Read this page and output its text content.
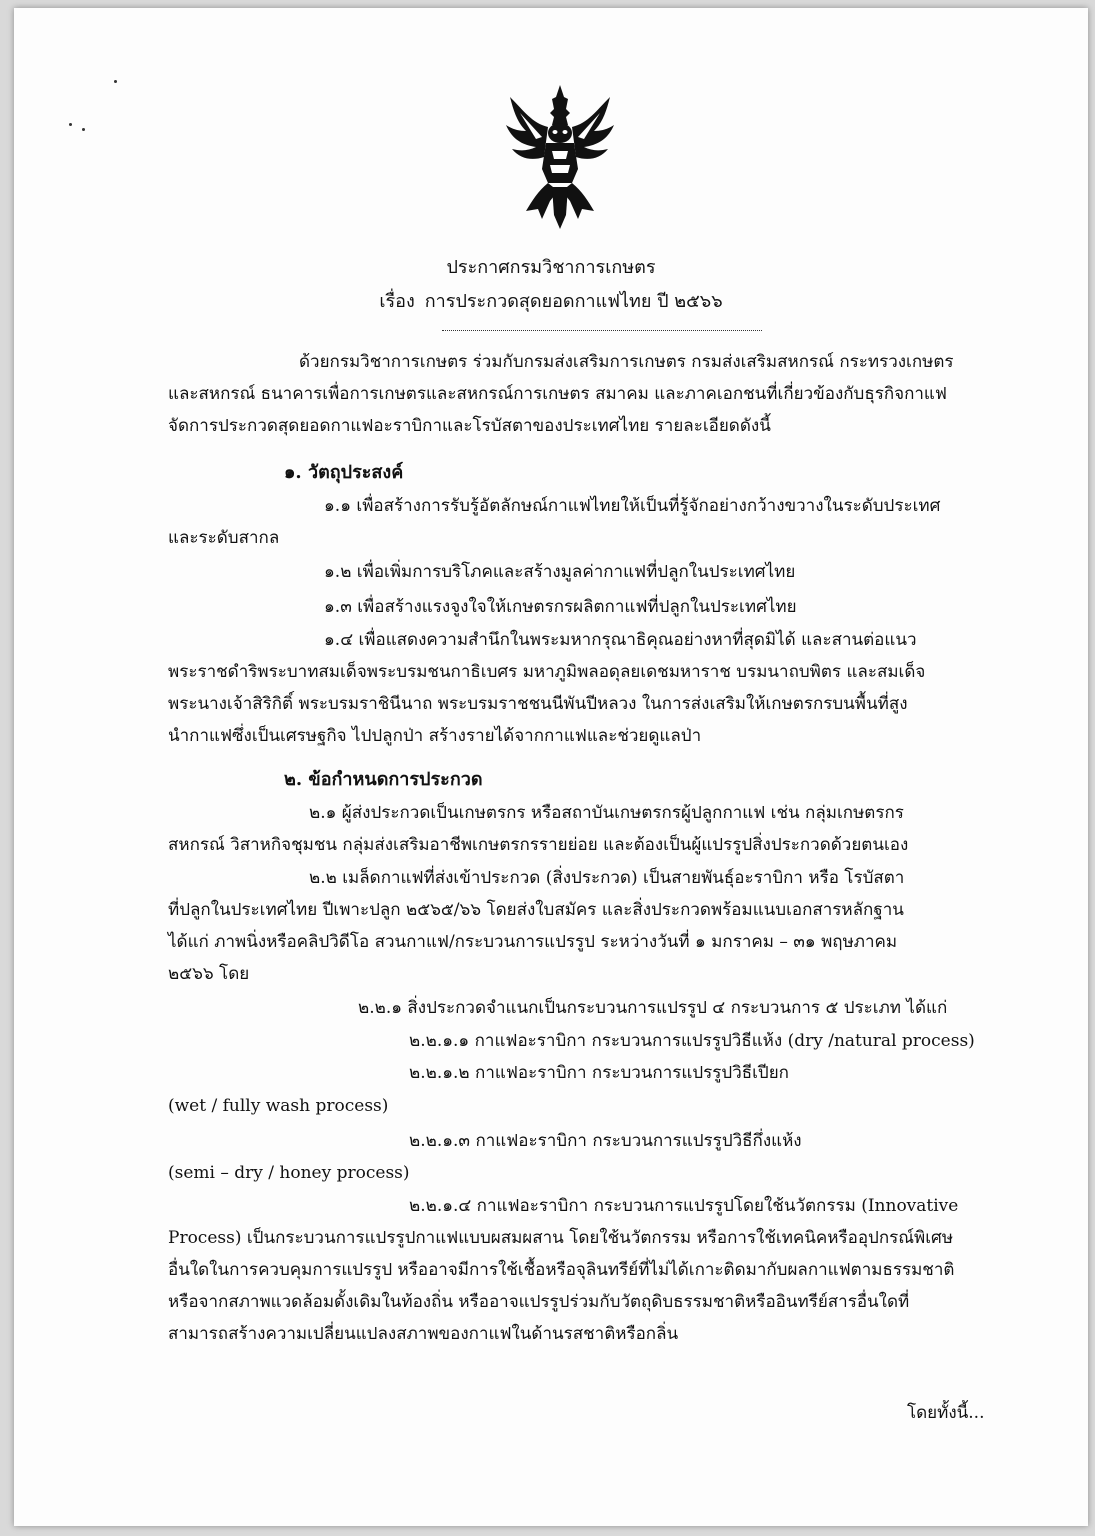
ประกาศกรมวิชาการเกษตร
เรื่อง การประกวดสุดยอดกาแฟไทย ปี ๒๕๖๖
ด้วยกรมวิชาการเกษตร ร่วมกับกรมส่งเสริมการเกษตร กรมส่งเสริมสหกรณ์ กระทรวงเกษตร
และสหกรณ์ ธนาคารเพื่อการเกษตรและสหกรณ์การเกษตร สมาคม และภาคเอกชนที่เกี่ยวข้องกับธุรกิจกาแฟ
จัดการประกวดสุดยอดกาแฟอะราบิกาและโรบัสตาของประเทศไทย รายละเอียดดังนี้
๑. วัตถุประสงค์
๑.๑ เพื่อสร้างการรับรู้อัตลักษณ์กาแฟไทยให้เป็นที่รู้จักอย่างกว้างขวางในระดับประเทศ
และระดับสากล
๑.๒ เพื่อเพิ่มการบริโภคและสร้างมูลค่ากาแฟที่ปลูกในประเทศไทย
๑.๓ เพื่อสร้างแรงจูงใจให้เกษตรกรผลิตกาแฟที่ปลูกในประเทศไทย
๑.๔ เพื่อแสดงความสำนึกในพระมหากรุณาธิคุณอย่างหาที่สุดมิได้ และสานต่อแนว
พระราชดำริพระบาทสมเด็จพระบรมชนกาธิเบศร มหาภูมิพลอดุลยเดชมหาราช บรมนาถบพิตร และสมเด็จ
พระนางเจ้าสิริกิติ์ พระบรมราชินีนาถ พระบรมราชชนนีพันปีหลวง ในการส่งเสริมให้เกษตรกรบนพื้นที่สูง
นำกาแฟซึ่งเป็นเศรษฐกิจ ไปปลูกป่า สร้างรายได้จากกาแฟและช่วยดูแลป่า
๒. ข้อกำหนดการประกวด
๒.๑ ผู้ส่งประกวดเป็นเกษตรกร หรือสถาบันเกษตรกรผู้ปลูกกาแฟ เช่น กลุ่มเกษตรกร
สหกรณ์ วิสาหกิจชุมชน กลุ่มส่งเสริมอาชีพเกษตรกรรายย่อย และต้องเป็นผู้แปรรูปสิ่งประกวดด้วยตนเอง
๒.๒ เมล็ดกาแฟที่ส่งเข้าประกวด (สิ่งประกวด) เป็นสายพันธุ์อะราบิกา หรือ โรบัสตา
ที่ปลูกในประเทศไทย ปีเพาะปลูก ๒๕๖๕/๖๖ โดยส่งใบสมัคร และสิ่งประกวดพร้อมแนบเอกสารหลักฐาน
ได้แก่ ภาพนิ่งหรือคลิปวิดีโอ สวนกาแฟ/กระบวนการแปรรูป ระหว่างวันที่ ๑ มกราคม – ๓๑ พฤษภาคม
๒๕๖๖ โดย
๒.๒.๑ สิ่งประกวดจำแนกเป็นกระบวนการแปรรูป ๔ กระบวนการ ๕ ประเภท ได้แก่
๒.๒.๑.๑ กาแฟอะราบิกา กระบวนการแปรรูปวิธีแห้ง (dry /natural process)
๒.๒.๑.๒ กาแฟอะราบิกา กระบวนการแปรรูปวิธีเปียก
(wet / fully wash process)
๒.๒.๑.๓ กาแฟอะราบิกา กระบวนการแปรรูปวิธีกึ่งแห้ง
(semi – dry / honey process)
๒.๒.๑.๔ กาแฟอะราบิกา กระบวนการแปรรูปโดยใช้นวัตกรรม (Innovative
Process) เป็นกระบวนการแปรรูปกาแฟแบบผสมผสาน โดยใช้นวัตกรรม หรือการใช้เทคนิคหรืออุปกรณ์พิเศษ
อื่นใดในการควบคุมการแปรรูป หรืออาจมีการใช้เชื้อหรือจุลินทรีย์ที่ไม่ได้เกาะติดมากับผลกาแฟตามธรรมชาติ
หรือจากสภาพแวดล้อมดั้งเดิมในท้องถิ่น หรืออาจแปรรูปร่วมกับวัตถุดิบธรรมชาติหรืออินทรีย์สารอื่นใดที่
สามารถสร้างความเปลี่ยนแปลงสภาพของกาแฟในด้านรสชาติหรือกลิ่น
โดยทั้งนี้...
